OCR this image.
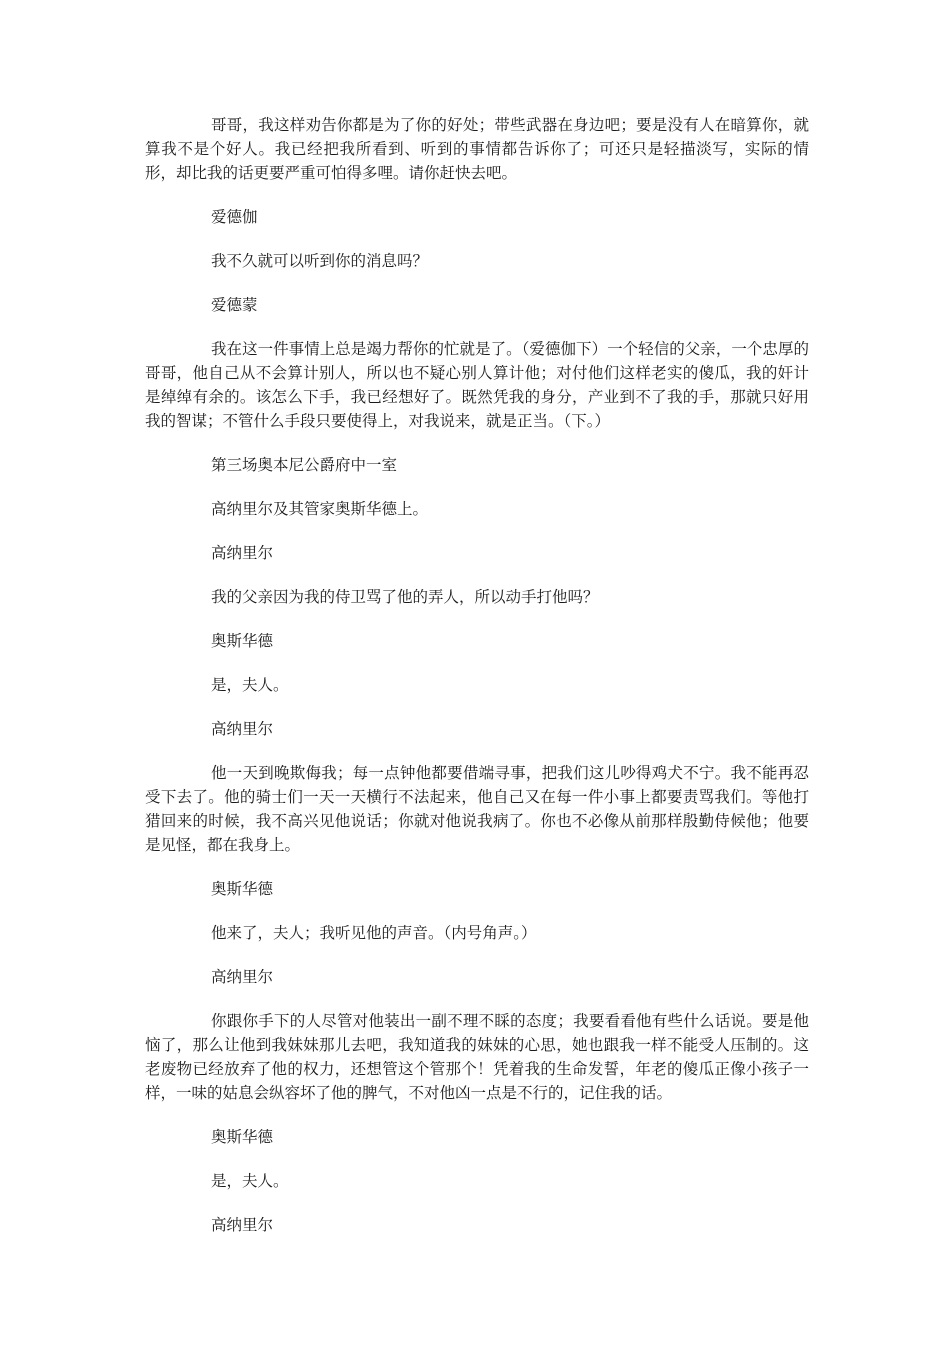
哥哥，我这样劝告你都是为了你的好处；带些武器在身边吧；要是没有人在暗算你，就算我不是个好人。我已经把我所看到、听到的事情都告诉你了；可还只是轻描淡写，实际的情形，却比我的话更要严重可怕得多哩。请你赶快去吧。

爱德伽

我不久就可以听到你的消息吗？

爱德蒙

我在这一件事情上总是竭力帮你的忙就是了。（爱德伽下）一个轻信的父亲，一个忠厚的哥哥，他自己从不会算计别人，所以也不疑心别人算计他；对付他们这样老实的傻瓜，我的奸计是绰绰有余的。该怎么下手，我已经想好了。既然凭我的身分，产业到不了我的手，那就只好用我的智谋；不管什么手段只要使得上，对我说来，就是正当。（下。）

第三场奥本尼公爵府中一室

高纳里尔及其管家奥斯华德上。

高纳里尔

我的父亲因为我的侍卫骂了他的弄人，所以动手打他吗？

奥斯华德

是，夫人。

高纳里尔

他一天到晚欺侮我；每一点钟他都要借端寻事，把我们这儿吵得鸡犬不宁。我不能再忍受下去了。他的骑士们一天一天横行不法起来，他自己又在每一件小事上都要责骂我们。等他打猎回来的时候，我不高兴见他说话；你就对他说我病了。你也不必像从前那样殷勤侍候他；他要是见怪，都在我身上。

奥斯华德

他来了，夫人；我听见他的声音。（内号角声。）

高纳里尔

你跟你手下的人尽管对他装出一副不理不睬的态度；我要看看他有些什么话说。要是他恼了，那么让他到我妹妹那儿去吧，我知道我的妹妹的心思，她也跟我一样不能受人压制的。这老废物已经放弃了他的权力，还想管这个管那个！凭着我的生命发誓，年老的傻瓜正像小孩子一样，一味的姑息会纵容坏了他的脾气，不对他凶一点是不行的，记住我的话。

奥斯华德

是，夫人。

高纳里尔
